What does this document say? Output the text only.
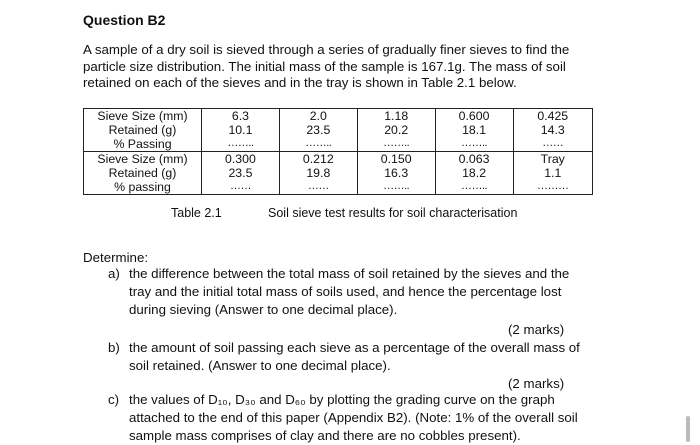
Question B2
A sample of a dry soil is sieved through a series of gradually finer sieves to find the particle size distribution. The initial mass of the sample is 167.1g. The mass of soil retained on each of the sieves and in the tray is shown in Table 2.1 below.
Sieve Size (mm)	6.3	2.0	1.18	0.600	0.425
Retained (g)	10.1	23.5	20.2	18.1	14.3
% Passing	……..	……..	……..	……..	……
Sieve Size (mm)	0.300	0.212	0.150	0.063	Tray
Retained (g)	23.5	19.8	16.3	18.2	1.1
% passing	……	……	……..	……..	………
Table 2.1	Soil sieve test results for soil characterisation
Determine:
a) the difference between the total mass of soil retained by the sieves and the
tray and the initial total mass of soils used, and hence the percentage lost
during sieving (Answer to one decimal place).
(2 marks)
b) the amount of soil passing each sieve as a percentage of the overall mass of
soil retained. (Answer to one decimal place).
(2 marks)
c) the values of D₁₀, D₃₀ and D₆₀ by plotting the grading curve on the graph
attached to the end of this paper (Appendix B2). (Note: 1% of the overall soil
sample mass comprises of clay and there are no cobbles present).
